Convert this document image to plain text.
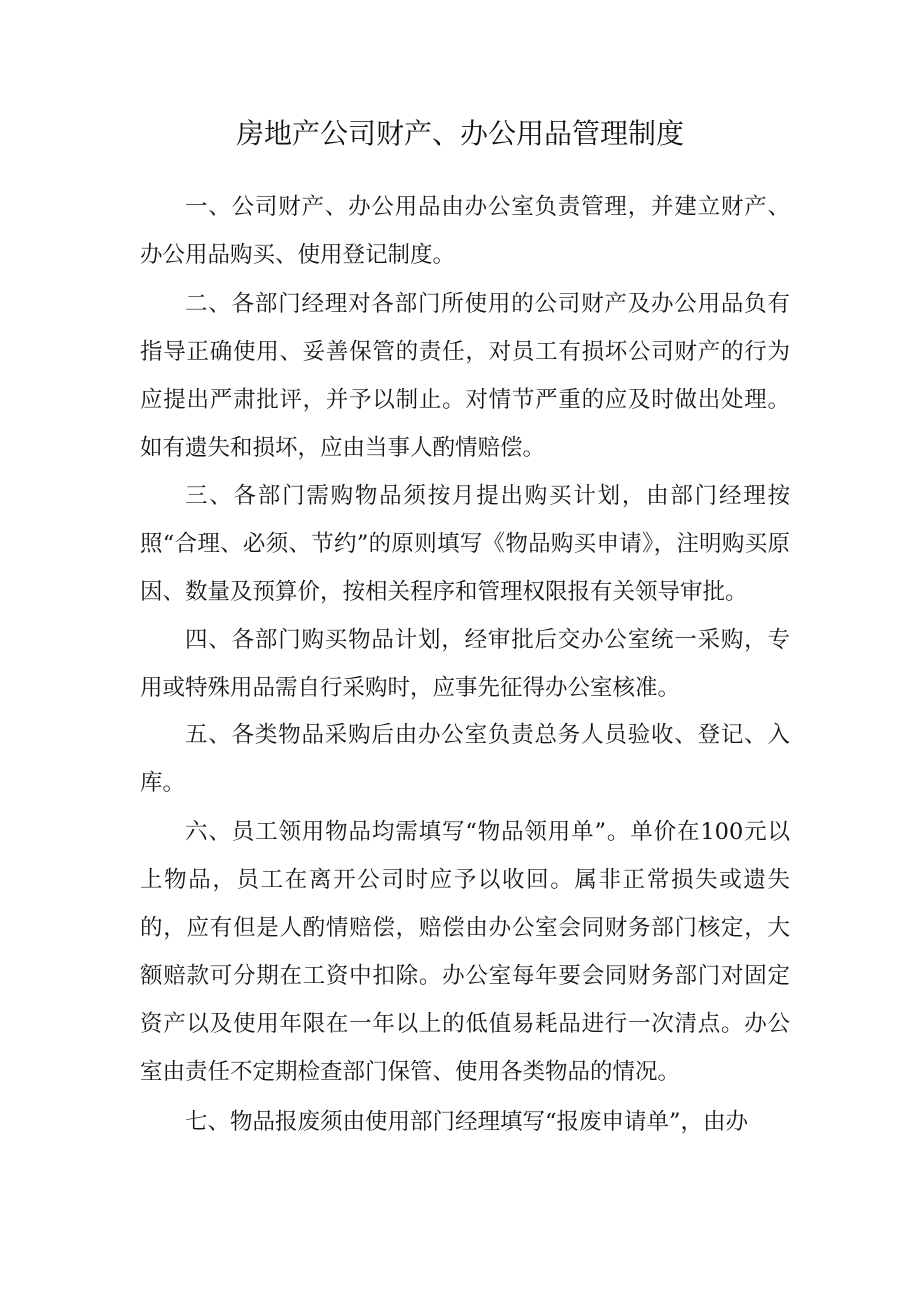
房地产公司财产、办公用品管理制度

一、公司财产、办公用品由办公室负责管理，并建立财产、办公用品购买、使用登记制度。

二、各部门经理对各部门所使用的公司财产及办公用品负有指导正确使用、妥善保管的责任，对员工有损坏公司财产的行为应提出严肃批评，并予以制止。对情节严重的应及时做出处理。如有遗失和损坏，应由当事人酌情赔偿。

三、各部门需购物品须按月提出购买计划，由部门经理按照“合理、必须、节约”的原则填写《物品购买申请》，注明购买原因、数量及预算价，按相关程序和管理权限报有关领导审批。

四、各部门购买物品计划，经审批后交办公室统一采购，专用或特殊用品需自行采购时，应事先征得办公室核准。

五、各类物品采购后由办公室负责总务人员验收、登记、入库。

六、员工领用物品均需填写“物品领用单”。单价在100元以上物品，员工在离开公司时应予以收回。属非正常损失或遗失的，应有但是人酌情赔偿，赔偿由办公室会同财务部门核定，大额赔款可分期在工资中扣除。办公室每年要会同财务部门对固定资产以及使用年限在一年以上的低值易耗品进行一次清点。办公室由责任不定期检查部门保管、使用各类物品的情况。

七、物品报废须由使用部门经理填写“报废申请单”，由办
